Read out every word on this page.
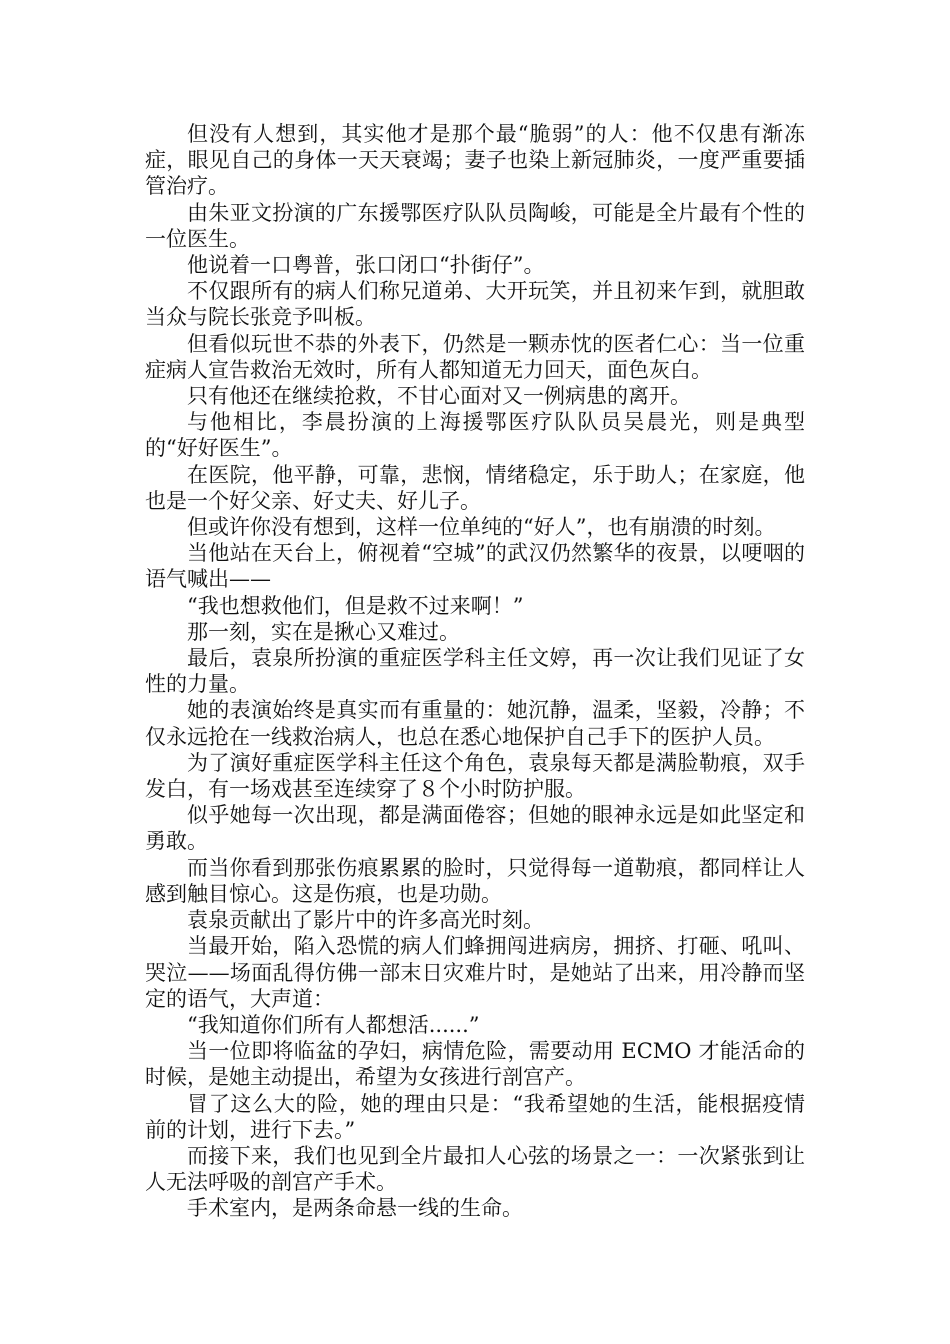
但没有人想到，其实他才是那个最“脆弱”的人：他不仅患有渐冻症，眼见自己的身体一天天衰竭；妻子也染上新冠肺炎，一度严重要插管治疗。

由朱亚文扮演的广东援鄂医疗队队员陶峻，可能是全片最有个性的一位医生。

他说着一口粤普，张口闭口“扑街仔”。

不仅跟所有的病人们称兄道弟、大开玩笑，并且初来乍到，就胆敢当众与院长张竞予叫板。

但看似玩世不恭的外表下，仍然是一颗赤忱的医者仁心：当一位重症病人宣告救治无效时，所有人都知道无力回天，面色灰白。

只有他还在继续抢救，不甘心面对又一例病患的离开。

与他相比，李晨扮演的上海援鄂医疗队队员吴晨光，则是典型的“好好医生”。

在医院，他平静，可靠，悲悯，情绪稳定，乐于助人；在家庭，他也是一个好父亲、好丈夫、好儿子。

但或许你没有想到，这样一位单纯的“好人”，也有崩溃的时刻。

当他站在天台上，俯视着“空城”的武汉仍然繁华的夜景，以哽咽的语气喊出——

“我也想救他们，但是救不过来啊！”

那一刻，实在是揪心又难过。

最后，袁泉所扮演的重症医学科主任文婷，再一次让我们见证了女性的力量。

她的表演始终是真实而有重量的：她沉静，温柔，坚毅，冷静；不仅永远抢在一线救治病人，也总在悉心地保护自己手下的医护人员。

为了演好重症医学科主任这个角色，袁泉每天都是满脸勒痕，双手发白，有一场戏甚至连续穿了８个小时防护服。

似乎她每一次出现，都是满面倦容；但她的眼神永远是如此坚定和勇敢。

而当你看到那张伤痕累累的脸时，只觉得每一道勒痕，都同样让人感到触目惊心。这是伤痕，也是功勋。

袁泉贡献出了影片中的许多高光时刻。

当最开始，陷入恐慌的病人们蜂拥闯进病房，拥挤、打砸、吼叫、哭泣——场面乱得仿佛一部末日灾难片时，是她站了出来，用冷静而坚定的语气，大声道：

“我知道你们所有人都想活......”

当一位即将临盆的孕妇，病情危险，需要动用 ECMO 才能活命的时候，是她主动提出，希望为女孩进行剖宫产。

冒了这么大的险，她的理由只是：“我希望她的生活，能根据疫情前的计划，进行下去。”

而接下来，我们也见到全片最扣人心弦的场景之一：一次紧张到让人无法呼吸的剖宫产手术。

手术室内，是两条命悬一线的生命。
